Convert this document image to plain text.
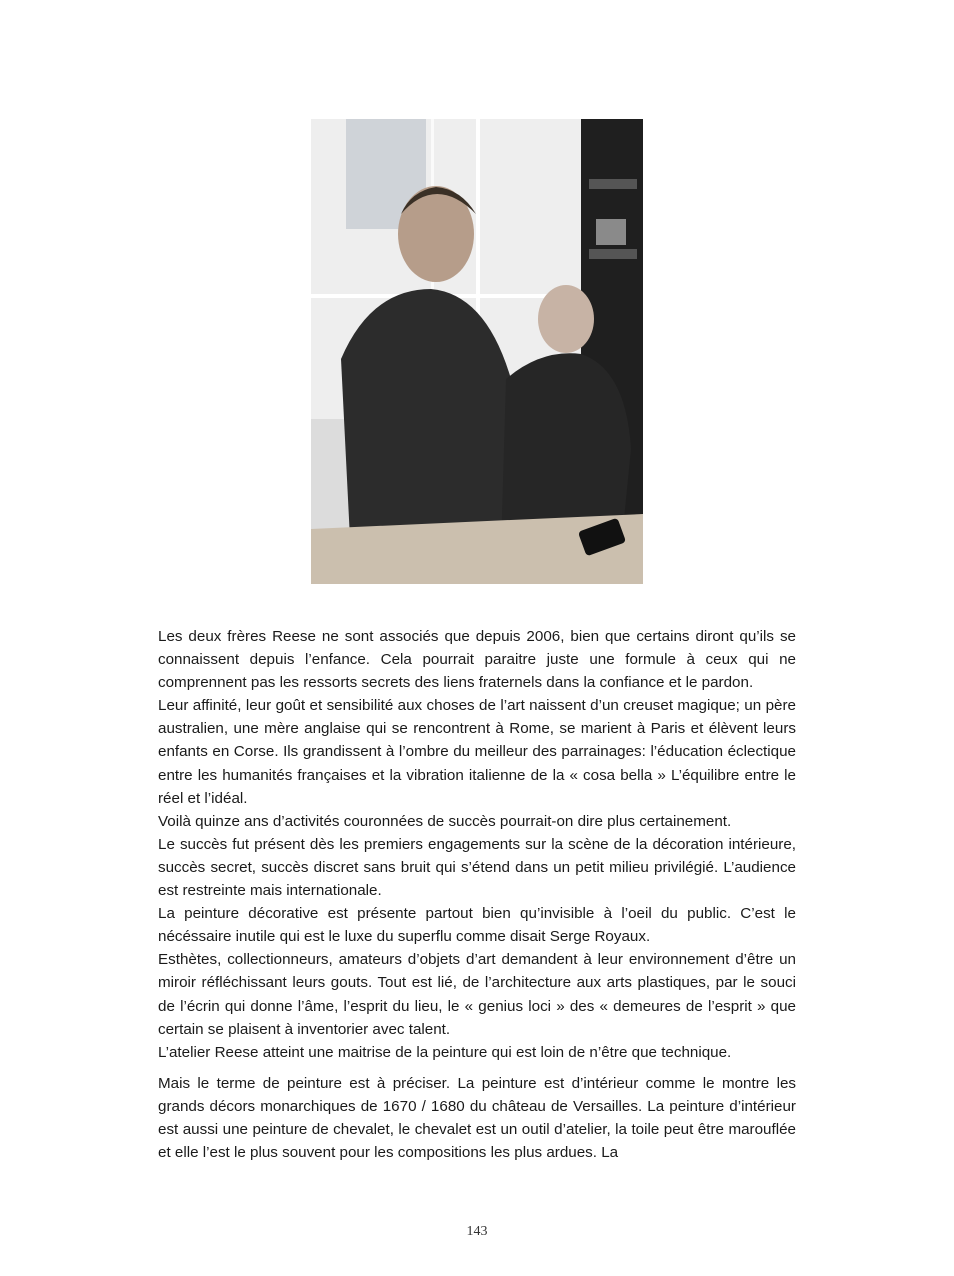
Les deux frères Reese ne sont associés que depuis 2006, bien que certains diront qu’ils se connaissent depuis l’enfance. Cela pourrait paraitre juste une formule à ceux qui ne comprennent pas les ressorts secrets des liens fraternels dans la confiance et le pardon.
Leur affinité, leur goût et sensibilité aux choses de l’art naissent d’un creuset magique; un père australien, une mère anglaise qui se rencontrent à Rome, se marient à Paris et élèvent leurs enfants en Corse. Ils grandissent à l’ombre du meilleur des parrainages: l’éducation éclectique entre les humanités françaises et la vibration italienne de la « cosa bella » L’équilibre entre le réel et l’idéal.
Voilà quinze ans d’activités couronnées de succès pourrait-on dire plus certainement.
Le succès fut présent dès les premiers engagements sur la scène de la décoration intérieure, succès secret, succès discret sans bruit qui s’étend dans un petit milieu privilégié. L’audience est restreinte mais internationale.
La peinture décorative est présente partout bien qu’invisible à l’oeil du public. C’est le nécéssaire inutile qui est le luxe du superflu comme disait Serge Royaux.
Esthètes, collectionneurs, amateurs d’objets d’art demandent à leur environnement d’être un miroir réfléchissant leurs gouts. Tout est lié, de l’architecture aux arts plastiques, par le souci de l’écrin qui donne l’âme, l’esprit du lieu, le « genius loci » des « demeures de l’esprit » que certain se plaisent à inventorier avec talent.
L’atelier Reese atteint une maitrise de la peinture qui est loin de n’être que technique.

Mais le terme de peinture est à préciser. La peinture est d’intérieur comme le montre les grands décors monarchiques de 1670 / 1680 du château de Versailles. La peinture d’intérieur est aussi une peinture de chevalet, le chevalet est un outil d’atelier, la toile peut être marouflée et elle l’est le plus souvent pour les compositions les plus ardues. La

143
